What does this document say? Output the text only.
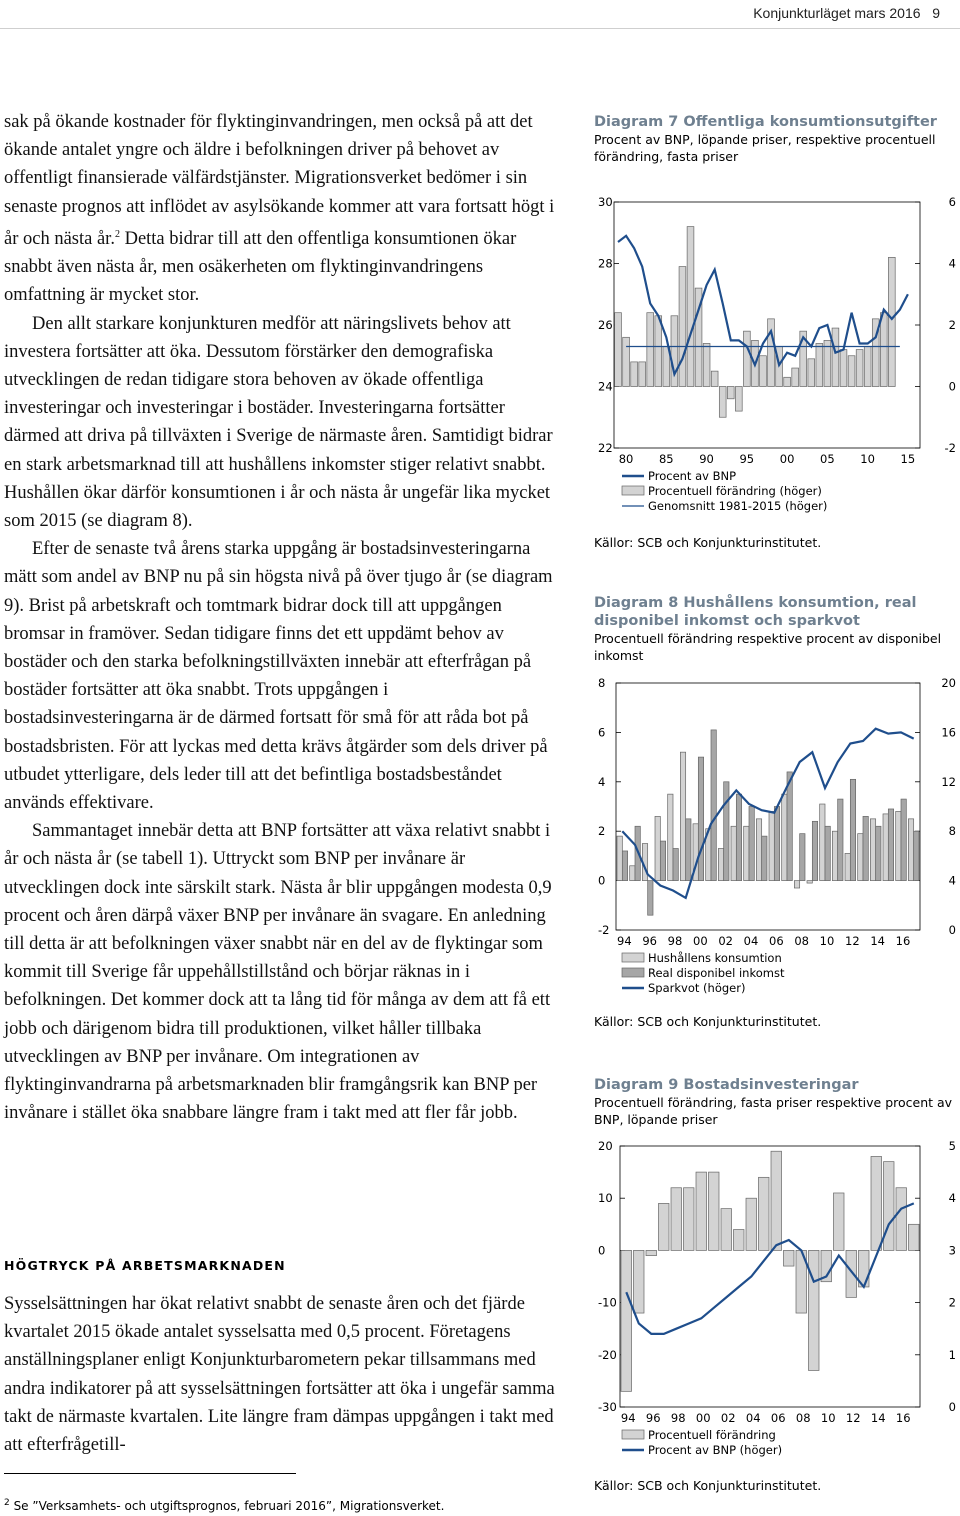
Konjunkturläget mars 2016 9

sak på ökande kostnader för flyktinginvandringen, men också på att det ökande antalet yngre och äldre i befolkningen driver på behovet av offentligt finansierade välfärdstjänster. Migrationsverket bedömer i sin senaste prognos att inflödet av asylsökande kommer att vara fortsatt högt i år och nästa år.$^2$ Detta bidrar till att den offentliga konsumtionen ökar snabbt även nästa år, men osäkerheten om flyktinginvandringens omfattning är mycket stor.

Den allt starkare konjunkturen medför att näringslivets behov att investera fortsätter att öka. Dessutom förstärker den demografiska utvecklingen de redan tidigare stora behoven av ökade offentliga investeringar och investeringar i bostäder. Investeringarna fortsätter därmed att driva på tillväxten i Sverige de närmaste åren. Samtidigt bidrar en stark arbetsmarknad till att hushållens inkomster stiger relativt snabbt. Hushållen ökar därför konsumtionen i år och nästa år ungefär lika mycket som 2015 (se diagram 8).

Efter de senaste två årens starka uppgång är bostadsinvesteringarna mätt som andel av BNP nu på sin högsta nivå på över tjugo år (se diagram 9). Brist på arbetskraft och tomtmark bidrar dock till att uppgången bromsar in framöver. Sedan tidigare finns det ett uppdämt behov av bostäder och den starka befolkningstillväxten innebär att efterfrågan på bostäder fortsätter att öka snabbt. Trots uppgången i bostadsinvesteringarna är de därmed fortsatt för små för att råda bot på bostadsbristen. För att lyckas med detta krävs åtgärder som dels driver på utbudet ytterligare, dels leder till att det befintliga bostadsbeståndet används effektivare.

Sammantaget innebär detta att BNP fortsätter att växa relativt snabbt i år och nästa år (se tabell 1). Uttryckt som BNP per invånare är utvecklingen dock inte särskilt stark. Nästa år blir uppgången modesta 0,9 procent och åren därpå växer BNP per invånare än svagare. En anledning till detta är att befolkningen växer snabbt när en del av de flyktingar som kommit till Sverige får uppehållstillstånd och börjar räknas in i befolkningen. Det kommer dock att ta lång tid för många av dem att få ett jobb och därigenom bidra till produktionen, vilket håller tillbaka utvecklingen av BNP per invånare. Om integrationen av flyktinginvandrarna på arbetsmarknaden blir framgångsrik kan BNP per invånare i stället öka snabbare längre fram i takt med att fler får jobb.

HÖGTRYCK PÅ ARBETSMARKNADEN

Sysselsättningen har ökat relativt snabbt de senaste åren och det fjärde kvartalet 2015 ökade antalet sysselsatta med 0,5 procent. Företagens anställningsplaner enligt Konjunkturbarometern pekar tillsammans med andra indikatorer på att sysselsättningen fortsätter att öka i ungefär samma takt de närmaste kvartalen. Lite längre fram dämpas uppgången i takt med att efterfrågetill-

$^2$ Se ”Verksamhets- och utgiftsprognos, februari 2016”, Migrationsverket.
Diagram 7 Offentliga konsumtionsutgifter
Procent av BNP, löpande priser, respektive procentuell förändring, fasta priser
22
24
26
28
30
-2
0
2
4
6
80 85 90 95 00 05 10 15
Procent av BNP
Procentuell förändring (höger)
Genomsnitt 1981-2015 (höger)
Källor: SCB och Konjunkturinstitutet.
Diagram 8 Hushållens konsumtion, real disponibel inkomst och sparkvot
Procentuell förändring respektive procent av disponibel inkomst
-2
0
2
4
6
8
0
4
8
12
16
20
94 96 98 00 02 04 06 08 10 12 14 16
Hushållens konsumtion
Real disponibel inkomst
Sparkvot (höger)
Källor: SCB och Konjunkturinstitutet.
Diagram 9 Bostadsinvesteringar
Procentuell förändring, fasta priser respektive procent av BNP, löpande priser
-30
-20
-10
0
10
20
0
1
2
3
4
5
94 96 98 00 02 04 06 08 10 12 14 16
Procentuell förändring
Procent av BNP (höger)
Källor: SCB och Konjunkturinstitutet.
